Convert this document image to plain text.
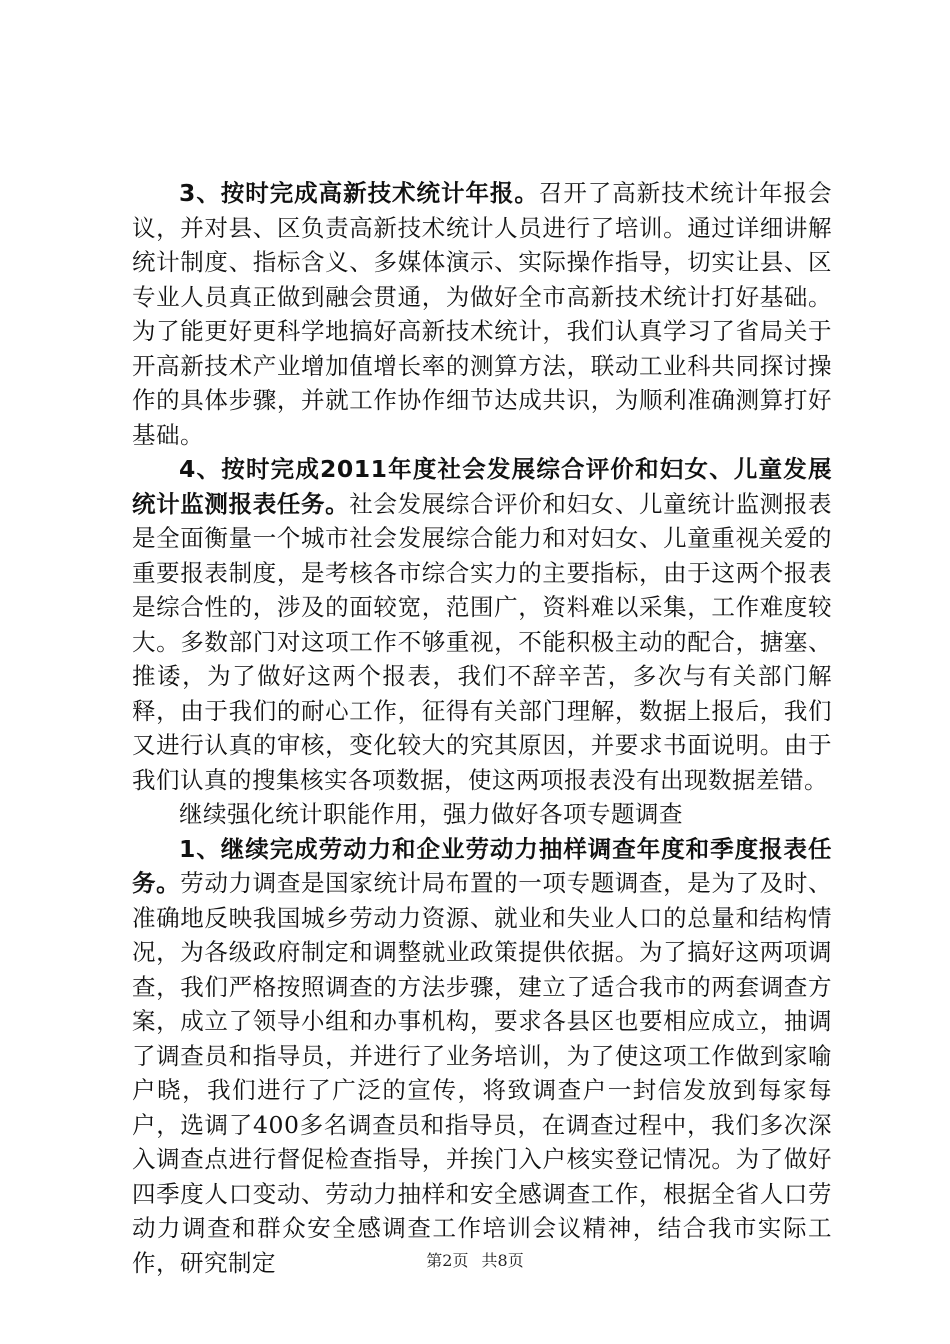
3、按时完成高新技术统计年报。召开了高新技术统计年报会议，并对县、区负责高新技术统计人员进行了培训。通过详细讲解统计制度、指标含义、多媒体演示、实际操作指导，切实让县、区专业人员真正做到融会贯通，为做好全市高新技术统计打好基础。为了能更好更科学地搞好高新技术统计，我们认真学习了省局关于开高新技术产业增加值增长率的测算方法，联动工业科共同探讨操作的具体步骤，并就工作协作细节达成共识，为顺利准确测算打好基础。

4、按时完成2011年度社会发展综合评价和妇女、儿童发展统计监测报表任务。社会发展综合评价和妇女、儿童统计监测报表是全面衡量一个城市社会发展综合能力和对妇女、儿童重视关爱的重要报表制度，是考核各市综合实力的主要指标，由于这两个报表是综合性的，涉及的面较宽，范围广，资料难以采集，工作难度较大。多数部门对这项工作不够重视，不能积极主动的配合，搪塞、推诿，为了做好这两个报表，我们不辞辛苦，多次与有关部门解释，由于我们的耐心工作，征得有关部门理解，数据上报后，我们又进行认真的审核，变化较大的究其原因，并要求书面说明。由于我们认真的搜集核实各项数据，使这两项报表没有出现数据差错。

继续强化统计职能作用，强力做好各项专题调查

1、继续完成劳动力和企业劳动力抽样调查年度和季度报表任务。劳动力调查是国家统计局布置的一项专题调查，是为了及时、准确地反映我国城乡劳动力资源、就业和失业人口的总量和结构情况，为各级政府制定和调整就业政策提供依据。为了搞好这两项调查，我们严格按照调查的方法步骤，建立了适合我市的两套调查方案，成立了领导小组和办事机构，要求各县区也要相应成立，抽调了调查员和指导员，并进行了业务培训，为了使这项工作做到家喻户晓，我们进行了广泛的宣传，将致调查户一封信发放到每家每户，选调了400多名调查员和指导员，在调查过程中，我们多次深入调查点进行督促检查指导，并挨门入户核实登记情况。为了做好四季度人口变动、劳动力抽样和安全感调查工作，根据全省人口劳动力调查和群众安全感调查工作培训会议精神，结合我市实际工作，研究制定	第2页 共8页
